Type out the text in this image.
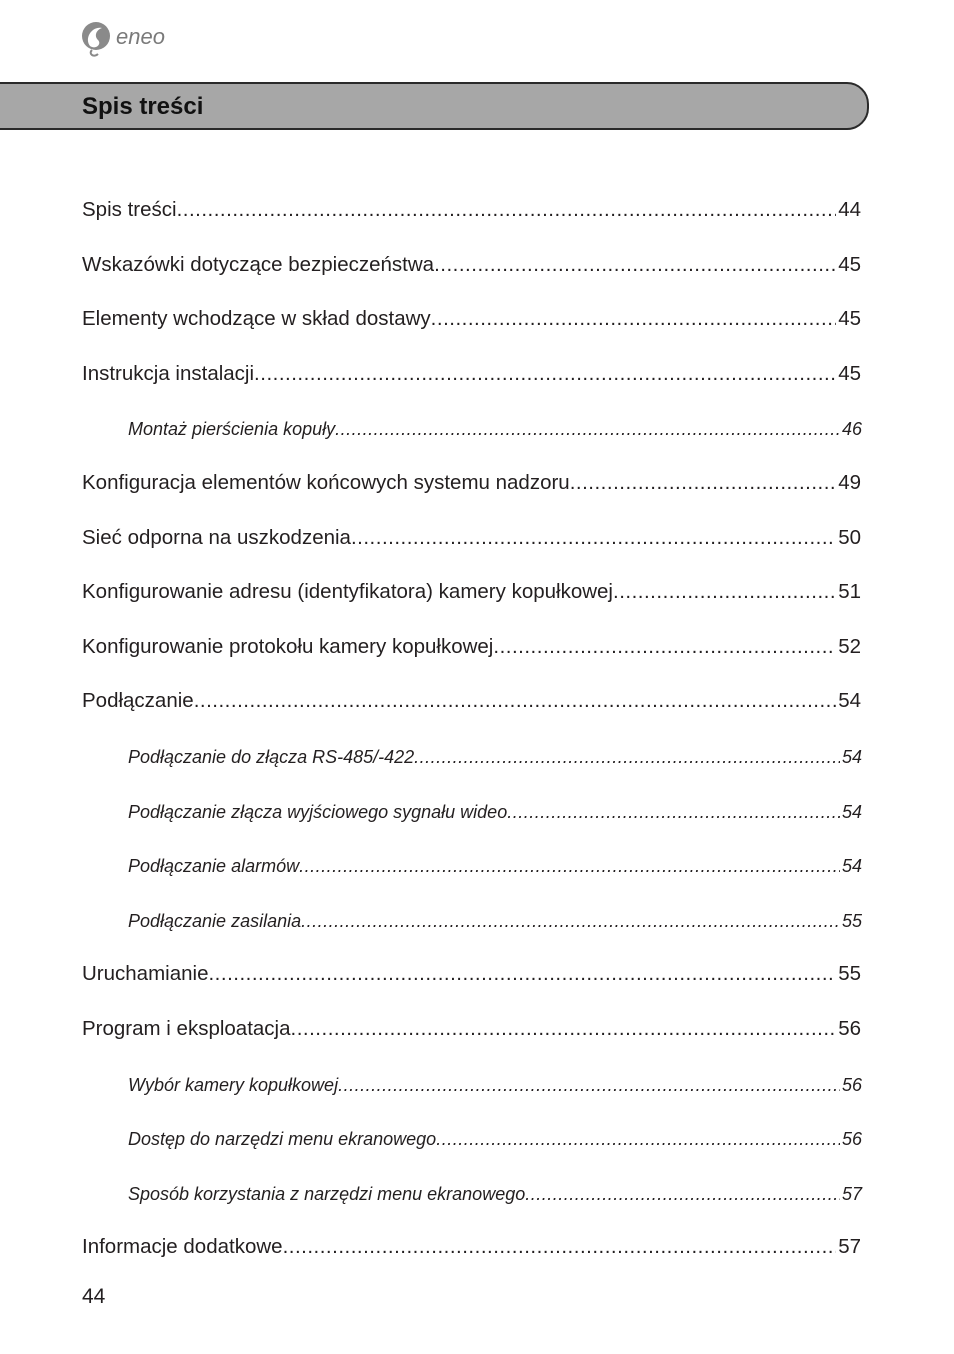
eneo
Spis treści
Spis treści .....	44
Wskazówki dotyczące bezpieczeństwa .....	45
Elementy wchodzące w skład dostawy .....	45
Instrukcja instalacji .....	45
Montaż pierścienia kopuły .....	46
Konfiguracja elementów końcowych systemu nadzoru .....	49
Sieć odporna na uszkodzenia .....	50
Konfigurowanie adresu (identyfikatora) kamery kopułkowej .....	51
Konfigurowanie protokołu kamery kopułkowej .....	52
Podłączanie .....	54
Podłączanie do złącza RS-485/-422 .....	54
Podłączanie złącza wyjściowego sygnału wideo .....	54
Podłączanie alarmów .....	54
Podłączanie zasilania .....	55
Uruchamianie .....	55
Program i eksploatacja .....	56
Wybór kamery kopułkowej .....	56
Dostęp do narzędzi menu ekranowego .....	56
Sposób korzystania z narzędzi menu ekranowego .....	57
Informacje dodatkowe .....	57
44
